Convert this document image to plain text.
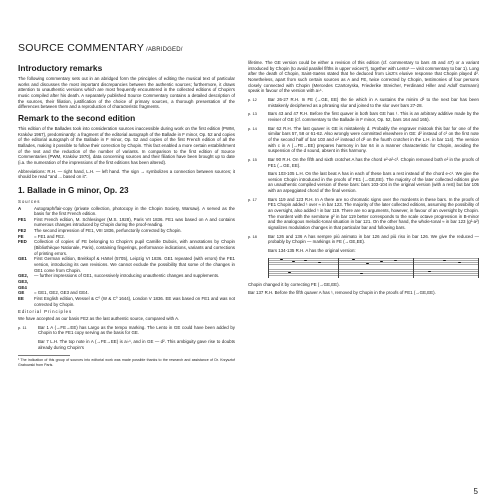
SOURCE COMMENTARY /ABRIDGED/
Introductory remarks

The following commentary sets out in an abridged form the principles of editing the musical text of particular works and discusses the most important discrepancies between the authentic sources; furthermore, it draws attention to unauthentic versions which are most frequently encountered in the collected editions of Chopin's music compiled after his death. A separately published Source Commentary contains a detailed description of the sources, their filiation, justification of the choice of primary sources, a thorough presentation of the differences between them and a reproduction of characteristic fragments.

Remark to the second edition

This edition of the Ballades took into consideration sources inaccessible during work on the first edition (PWM, Kraków 1967), predominantly: a fragment of the editorial autograph of the Ballade in F minor, Op. 52 and copies of the editorial autograph of the Ballade in F minor, Op. 52 and copies of the first French edition of all the Ballades, making it possible to follow their correction by Chopin. This fact enabled a more certain establishment of the text and the reduction of the number of variants. In comparison to the first edition of Source Commentaries (PWM, Kraków 1970), data concerning sources and their filiation have been brought up to date (i.a. the numeration of the impressions of the first editions has been altered).

Abbreviations: R.H. — right hand, L.H. — left hand. The sign → symbolizes a connection between sources; it should be read "and ... based on it".

1. Ballade in G minor, Op. 23
Sources
A	Autograph/fair-copy (private collection, photocopy in the Chopin Society, Warsaw). A served as the basis for the first French edition.
FE1	First French edition, M. Schlesinger (M.S. 1928), Paris VII 1836. FE1 was based on A and contains numerous changes introduced by Chopin during the proof-reading.
FE2	The second impression of FE1, VIII 1836, perfunctorily corrected by Chopin.
FE	= FE1 and FE2.
FED	Collection of copies of FE belonging to Chopin's pupil Camille Dubois, with annotations by Chopin (Bibliothèque Nationale, Paris), containing fingerings, performance indications, variants and corrections of printing errors.
GE1	First German edition, Breitkopf & Härtel (5705), Leipzig VI 1836. GE1 repeated (with errors) the FE1 version, introducing its own revisions. We cannot exclude the possibility that some of the changes in GE1 come from Chopin.
GE2, GE3, GE4
— further impressions of GE1, successively introducing unauthentic changes and supplements.
GE	= GE1, GE2, GE3 and GE4.
EE	First English edition, Wessel & Cº (W & Cº 1644), London V 1836. EE was based on FE1 and was not corrected by Chopin.
Editorial Principles

We have accepted as our basis FE2 as the last authentic source, compared with A.

p. 11	Bar 1 A (→FE→EE) has Largo as the tempo marking. The Lento in GE could have been added by Chopin to the FE1 copy serving as the basis for GE.
Bar 7 L.H. The top note in A (→FE→EE) is a♭¹, and in GE — d². This ambiguity gave rise to doubts already during Chopin's
¹ The indication of this group of sources into editorial work was made possible thanks to the research and assistance of Dr. Krzysztof Grabowski from Paris.

lifetime. The GE version could be either a revision of this edition (cf. commentary to bars 45 and 47) or a variant introduced by Chopin (to avoid parallel fifths in upper voices?), together with Lento¹ — visit commentary to bar 1). Long after the death of Chopin, Saint-Saëns stated that he deduced from Liszt's elusive response that Chopin played d². Nonetheless, apart from such certain sources as A and FE, twice corrected by Chopin, testimonies of four persons closely connected with Chopin (Mercedes Czartoryska, Friederike Streicher, Ferdinand Hiller and Adolf Gutmann) speak in favour of the version with a♭¹.

p. 12	Bar 26-27 R.H. In FE (→GE, EE) the tie which in A sustains the minim d² to the next bar has been mistakenly deciphered as a phrasing slur and joined to the slur over bars 27-28.
p. 13	Bars 43 and 47 R.H. Before the first quaver in both bars GE has ♮. This is an arbitrary additive made by the reviser of GE (cf. commentary to the Ballade in F minor, Op. 52, bars 164 and 165).
p. 14	Bar 62 R.H. The last quaver is GE is mistakenly d. Probably the engraver mistook this bar for one of the similar bars 57, 58 or 61-62. Also wrongly were committed elsewhere in GE: d² instead of c² on the first note of the second half of bar 103 and e² instead of d² on the fourth crotchet in the L.H. in bar 114). The version with c in A (→FE→EE) prepares harmony in bar 64 in a manner characteristic for Chopin, avoiding the suspension of the d sound, absent in this harmony.
p. 15	Bar 90 R.H. On the fifth and sixth crotchet A has the chord e²-a²-c³. Chopin removed both e² in the proofs of FE1 (→GE, EE).
Bars 103-105 L.H. On the last beat A has in each of these bars a rest instead of the chord e-c¹. We give the version Chopin introduced in the proofs of FE1 (→GE,EE). The majority of the later collected editions give an unauthentic compiled version of these bars: bars 103-104 in the original version (with a rest) but bar 105 with an arpeggiated chord of the final version.
p. 17	Bars 119 and 123 R.H. In A there are no chromatic signs over the mordents in these bars. In the proofs of FE1 Chopin added ♮ over ≈ in bar 123. The majority of the later collected editions, assuming the possibility of an oversight, also added ♮ in bar 119. There are no arguments, however, in favour of an oversight by Chopin. The mordent with the semitone g² in bar 119 better corresponds to the scale octave progression in B-minor and the analogous melodic-tonal situation in bar 121. On the other hand, the whole-tonal ≈ in bar 123 (g²-a²) signalizes modulation changes in that particular bar and following bars.
p. 18	Bar 126 and 136 A has sempre più animato in bar 126 and più riso in bar 126. We give the reduced — probably by Chopin — markings in FE (→GE,EE).
Bars 134-135 R.H. A has the original version:

Chopin changed it by correcting FE (→GE,EE).

Bar 137 R.H. Before the fifth quaver A has ♮, removed by Chopin in the proofs of FE1 (→GE,EE).

5
